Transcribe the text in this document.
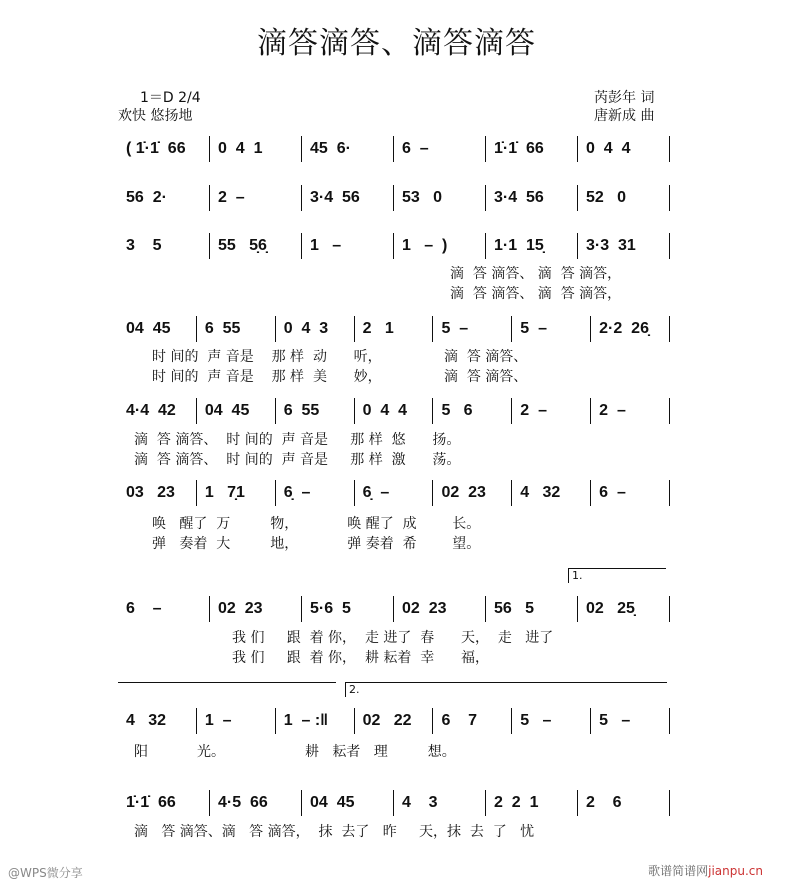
滴答滴答、滴答滴答
1＝D 2/4
欢快 悠扬地
芮彭年 词
唐新成 曲
( 1̇·1̇  66	0  4  1	45  6·	6  –	1̇·1̇  66	0  4  4
56  2·	2  –	3·4  56	53   0	3·4  56	52   0
3    5	55   5̣6̣	1   –	1   –  )	1·1  15̣	3·3  31
04  45	6  55	0  4  3	2   1	5  –	5  –	2·2  26̣
4·4  42	04  45	6  55	0  4  4	5   6	2  –	2  –
03   23	1   7̣1	6̣  –	6̣  –	02  23	4   32	6  –
6    –	02  23	5·6  5	02  23	56   5	02   25̣
4   32	1  –	1  – :‖	02   22	6    7	5   –	5   –
1̇·1̇  66	4·5  66	04  45	4    3	2  2  1	2    6
滴  答 滴答、 滴  答 滴答，
滴  答 滴答、 滴  答 滴答，
时 间的  声 音是    那 样  动      听，              滴  答 滴答、
时 间的  声 音是    那 样  美      妙，              滴  答 滴答、
滴  答 滴答、  时 间的  声 音是     那 样  悠      扬。
滴  答 滴答、  时 间的  声 音是     那 样  激      荡。
唤   醒了  万         物，           唤 醒了  成        长。
弹   奏着  大         地，           弹 奏着  希        望。
我 们     跟  着 你，  走 进了  春      天，  走   进了
我 们     跟  着 你，  耕 耘着  幸      福，
阳           光。                  耕   耘者   理         想。
滴   答 滴答、滴   答 滴答，  抹  去了   昨     天，抹  去  了   忧
1.
2.
@WPS微分享	歌谱简谱网jianpu.cn
